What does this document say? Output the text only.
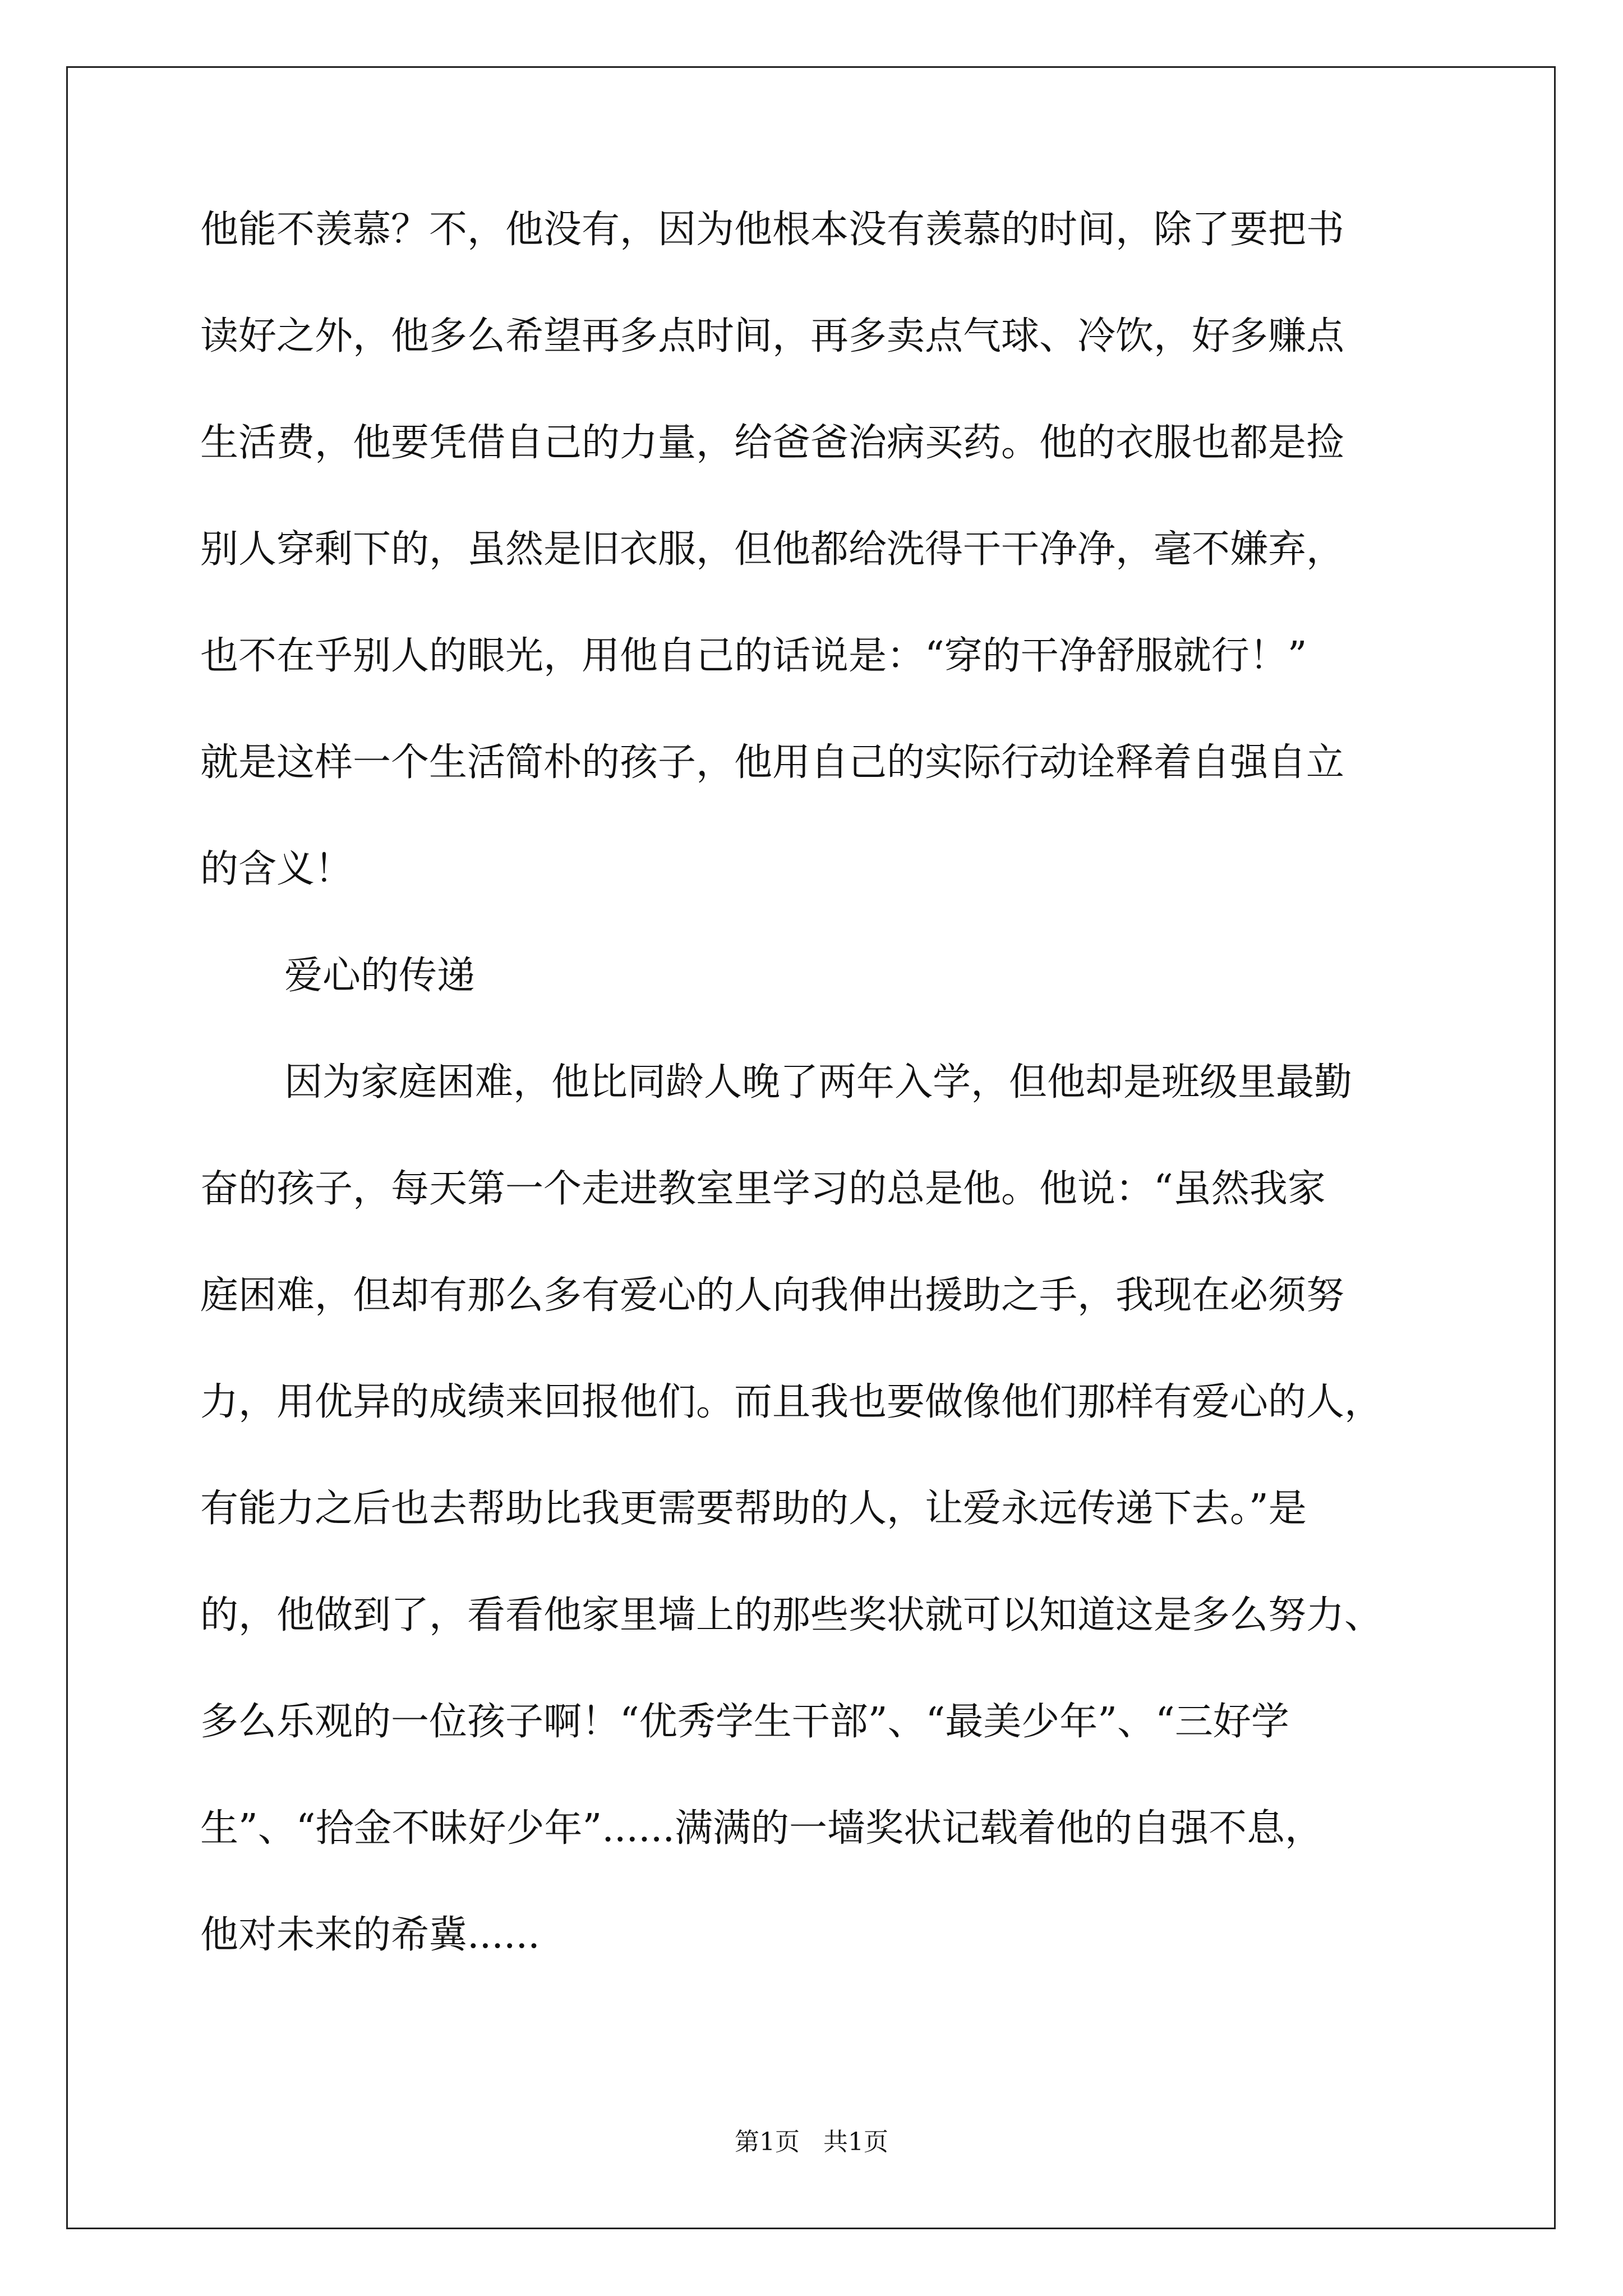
他能不羡慕？不，他没有，因为他根本没有羡慕的时间，除了要把书
读好之外，他多么希望再多点时间，再多卖点气球、冷饮，好多赚点
生活费，他要凭借自己的力量，给爸爸治病买药。他的衣服也都是捡
别人穿剩下的，虽然是旧衣服，但他都给洗得干干净净，毫不嫌弃，
也不在乎别人的眼光，用他自己的话说是：“穿的干净舒服就行！”
就是这样一个生活简朴的孩子，他用自己的实际行动诠释着自强自立
的含义！
爱心的传递
因为家庭困难，他比同龄人晚了两年入学，但他却是班级里最勤
奋的孩子，每天第一个走进教室里学习的总是他。他说：“虽然我家
庭困难，但却有那么多有爱心的人向我伸出援助之手，我现在必须努
力，用优异的成绩来回报他们。而且我也要做像他们那样有爱心的人，
有能力之后也去帮助比我更需要帮助的人，让爱永远传递下去。”是
的，他做到了，看看他家里墙上的那些奖状就可以知道这是多么努力、
多么乐观的一位孩子啊！“优秀学生干部”、“最美少年”、“三好学
生”、“拾金不昧好少年”......满满的一墙奖状记载着他的自强不息，
他对未来的希冀......
第1页   共1页
